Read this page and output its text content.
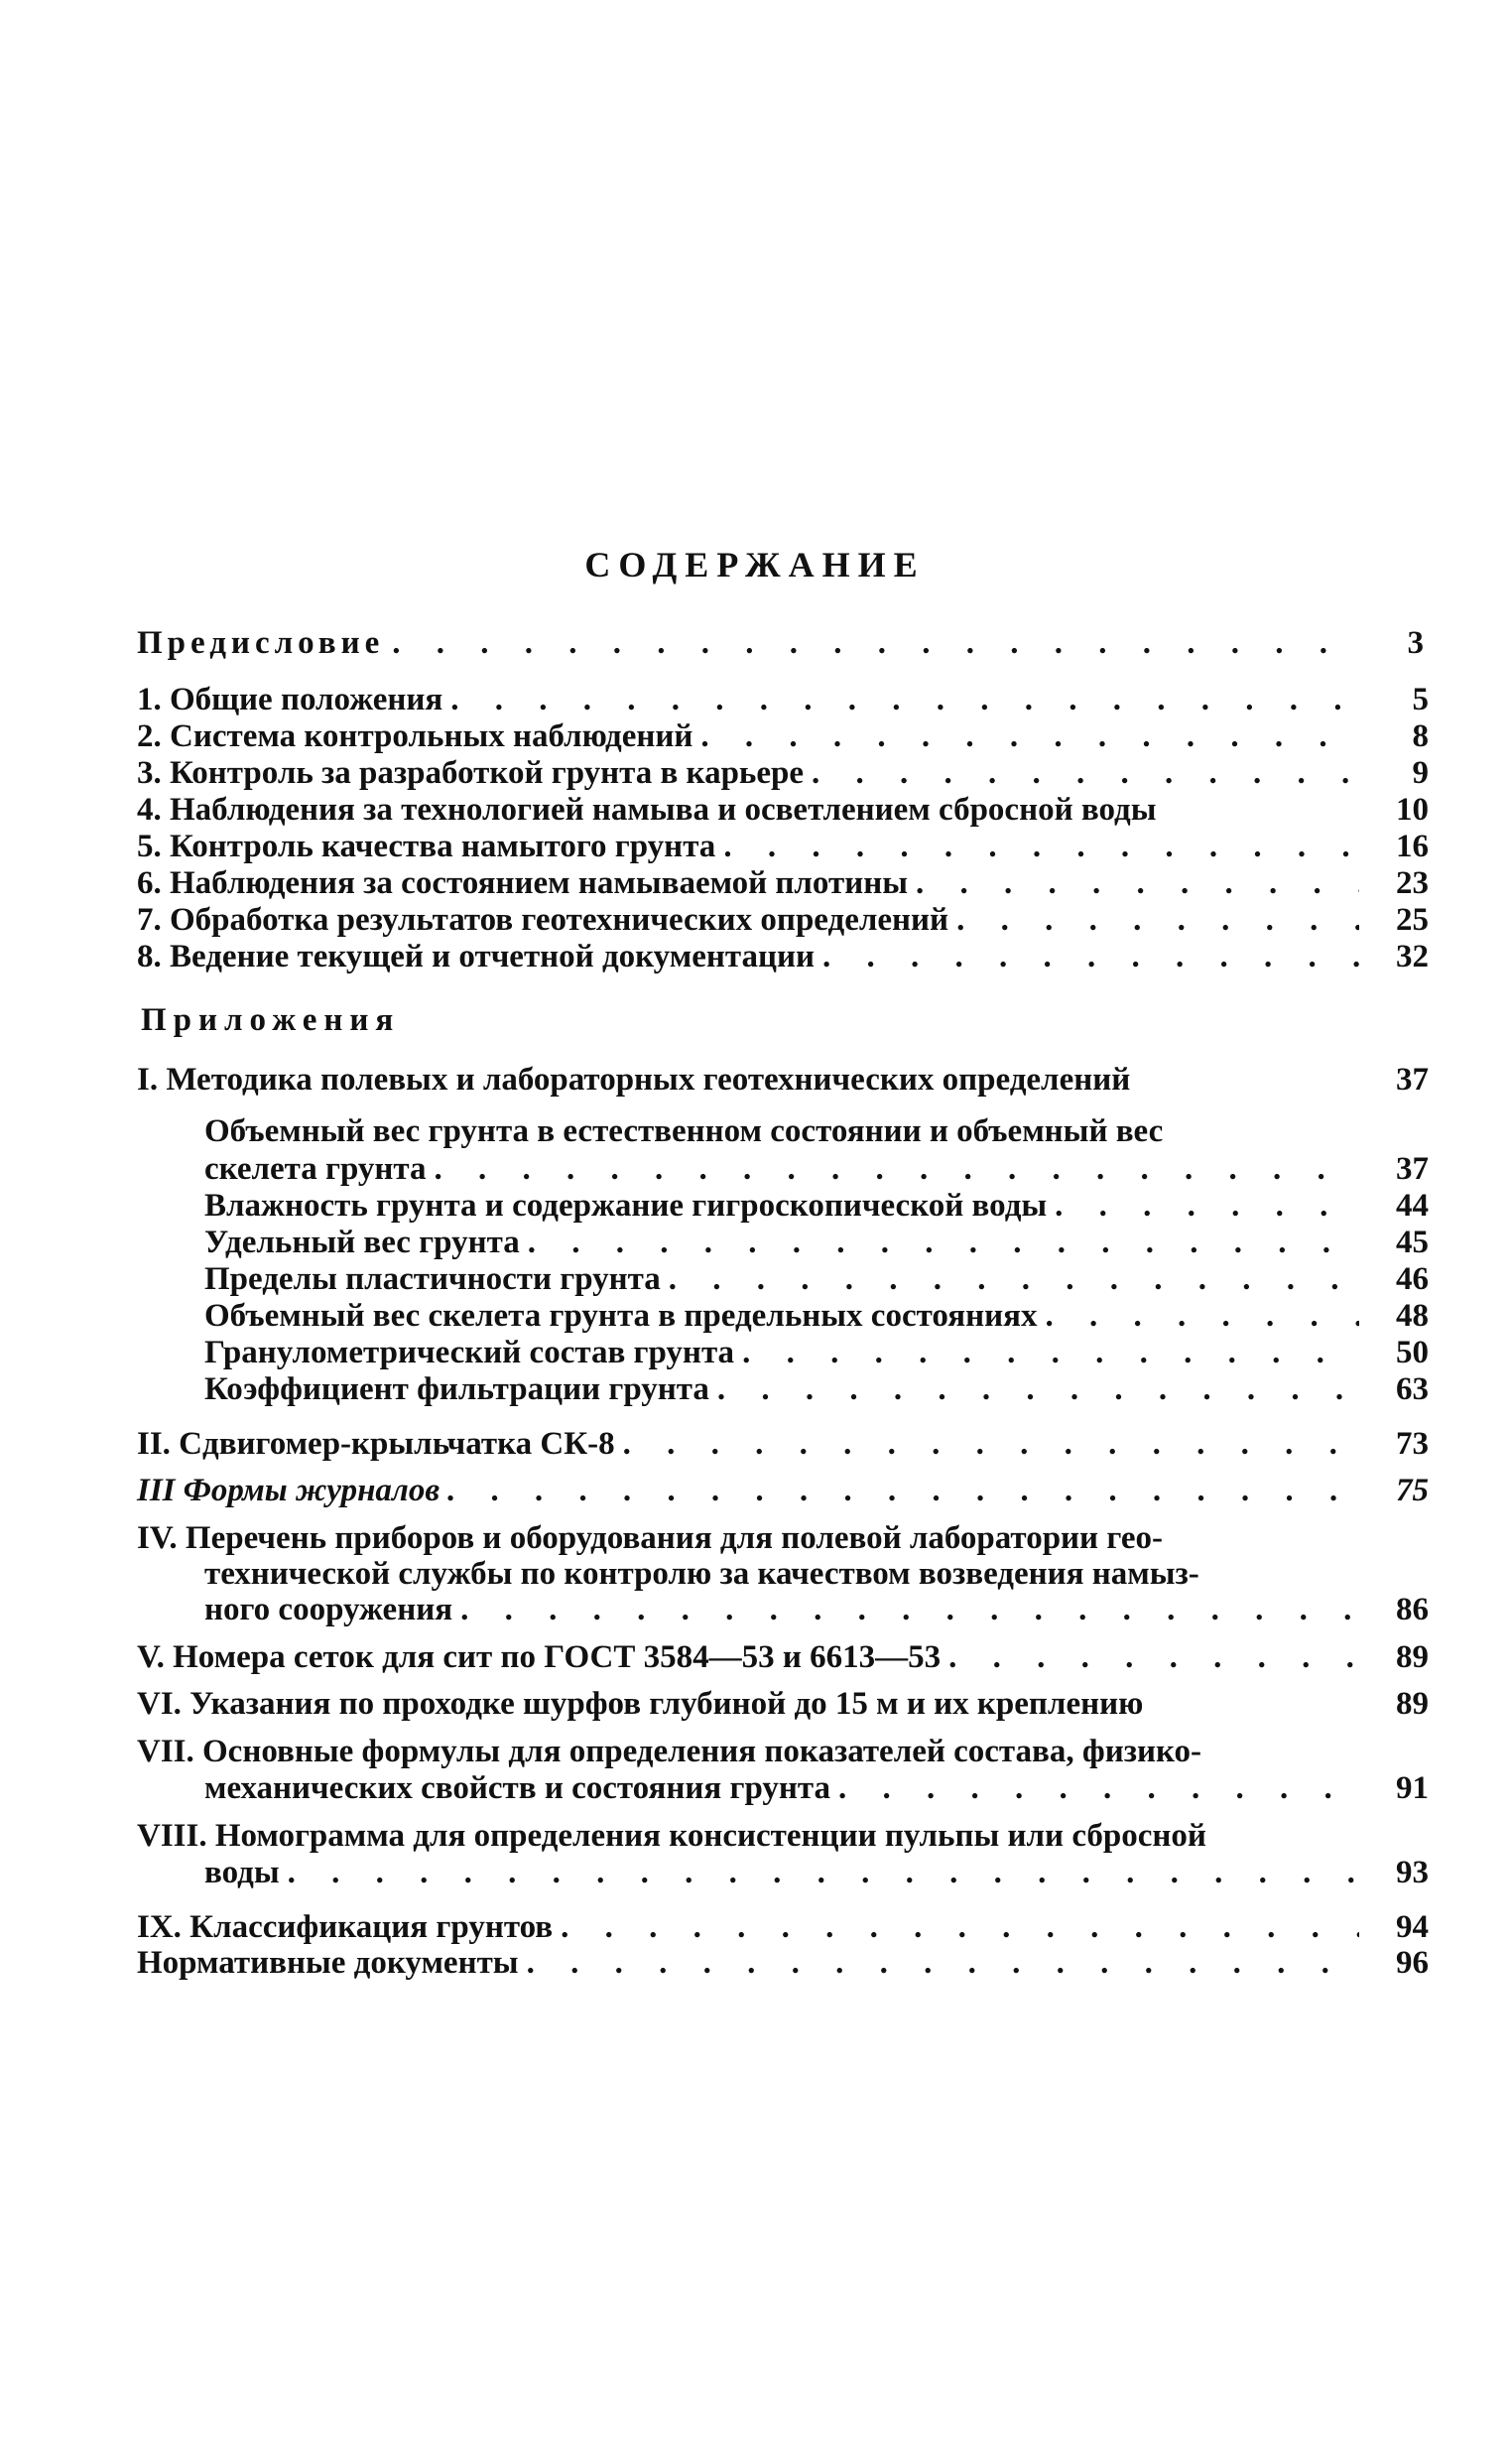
СОДЕРЖАНИЕ
Предисловие . . .	3
1. Общие положения . . .	5
2. Система контрольных наблюдений . . .	8
3. Контроль за разработкой грунта в карьере . . .	9
4. Наблюдения за технологией намыва и осветлением сбросной воды	10
5. Контроль качества намытого грунта . . .	16
6. Наблюдения за состоянием намываемой плотины . . .	23
7. Обработка результатов геотехнических определений . . .	25
8. Ведение текущей и отчетной документации . . .	32
Приложения
I. Методика полевых и лабораторных геотехнических определений	37
Объемный вес грунта в естественном состоянии и объемный вес
скелета грунта . . .	37
Влажность грунта и содержание гигроскопической воды . . .	44
Удельный вес грунта . . .	45
Пределы пластичности грунта . . .	46
Объемный вес скелета грунта в предельных состояниях . . .	48
Гранулометрический состав грунта . . .	50
Коэффициент фильтрации грунта . . .	63
II. Сдвигомер-крыльчатка СК-8 . . .	73
III Формы журналов . . .	75
IV. Перечень приборов и оборудования для полевой лаборатории гео-
технической службы по контролю за качеством возведения намыз-
ного сооружения . . .	86
V. Номера сеток для сит по ГОСТ 3584—53 и 6613—53 . . .	89
VI. Указания по проходке шурфов глубиной до 15 м и их креплению	89
VII. Основные формулы для определения показателей состава, физико-
механических свойств и состояния грунта . . .	91
VIII. Номограмма для определения консистенции пульпы или сбросной
воды . . .	93
IX. Классификация грунтов . . .	94
Нормативные документы . . .	96
